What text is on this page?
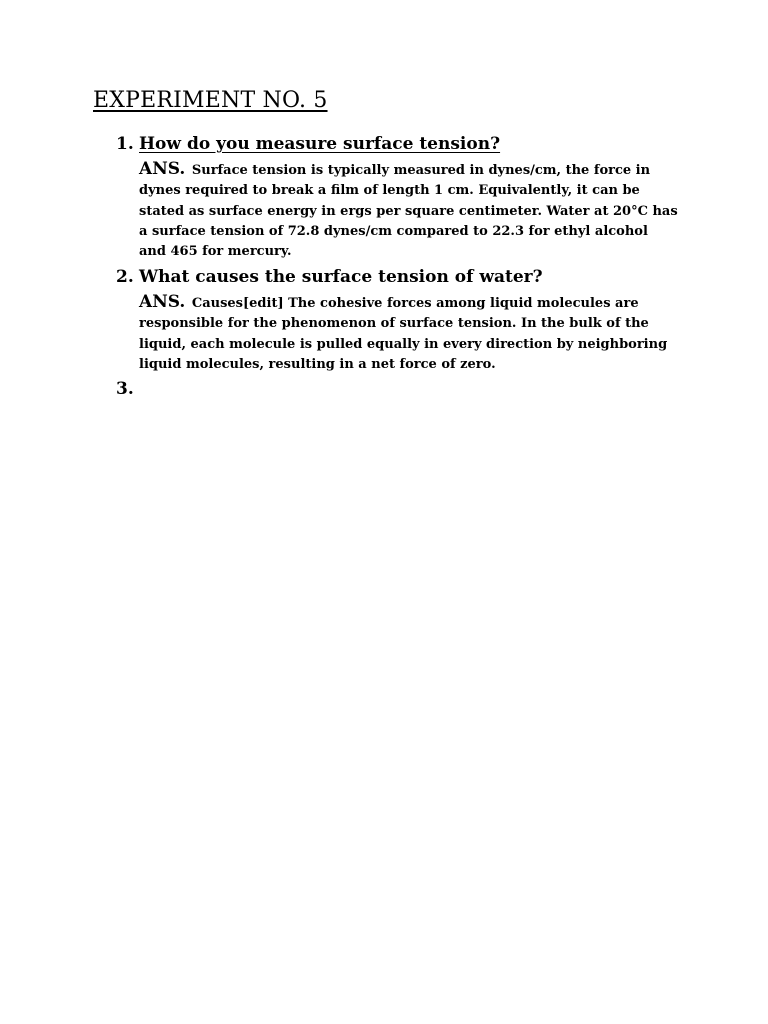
EXPERIMENT NO. 5
1. How do you measure surface tension?
ANS. Surface tension is typically measured in dynes/cm, the force in dynes required to break a film of length 1 cm. Equivalently, it can be stated as surface energy in ergs per square centimeter. Water at 20°C has a surface tension of 72.8 dynes/cm compared to 22.3 for ethyl alcohol and 465 for mercury.
2. What causes the surface tension of water?
ANS. Causes[edit] The cohesive forces among liquid molecules are responsible for the phenomenon of surface tension. In the bulk of the liquid, each molecule is pulled equally in every direction by neighboring liquid molecules, resulting in a net force of zero.
3.
